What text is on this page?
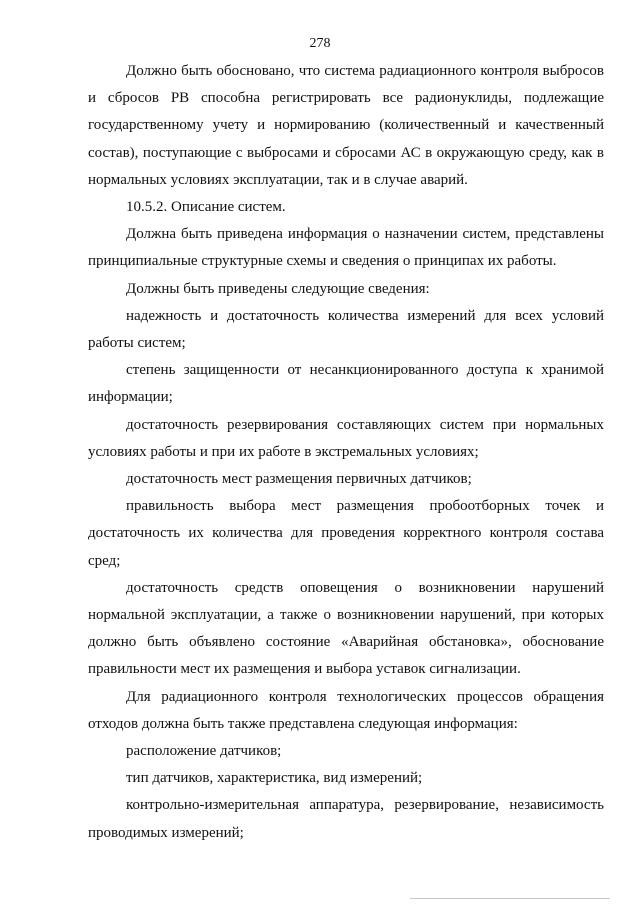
278

Должно быть обосновано, что система радиационного контроля выбросов и сбросов РВ способна регистрировать все радионуклиды, подлежащие государственному учету и нормированию (количественный и качественный состав), поступающие с выбросами и сбросами АС в окружающую среду, как в нормальных условиях эксплуатации, так и в случае аварий.

10.5.2. Описание систем.

Должна быть приведена информация о назначении систем, представлены принципиальные структурные схемы и сведения о принципах их работы.

Должны быть приведены следующие сведения:

надежность и достаточность количества измерений для всех условий работы систем;

степень защищенности от несанкционированного доступа к хранимой информации;

достаточность резервирования составляющих систем при нормальных условиях работы и при их работе в экстремальных условиях;

достаточность мест размещения первичных датчиков;

правильность выбора мест размещения пробоотборных точек и достаточность их количества для проведения корректного контроля состава сред;

достаточность средств оповещения о возникновении нарушений нормальной эксплуатации, а также о возникновении нарушений, при которых должно быть объявлено состояние «Аварийная обстановка», обоснование правильности мест их размещения и выбора уставок сигнализации.

Для радиационного контроля технологических процессов обращения отходов должна быть также представлена следующая информация:

расположение датчиков;

тип датчиков, характеристика, вид измерений;

контрольно-измерительная аппаратура, резервирование, независимость проводимых измерений;
